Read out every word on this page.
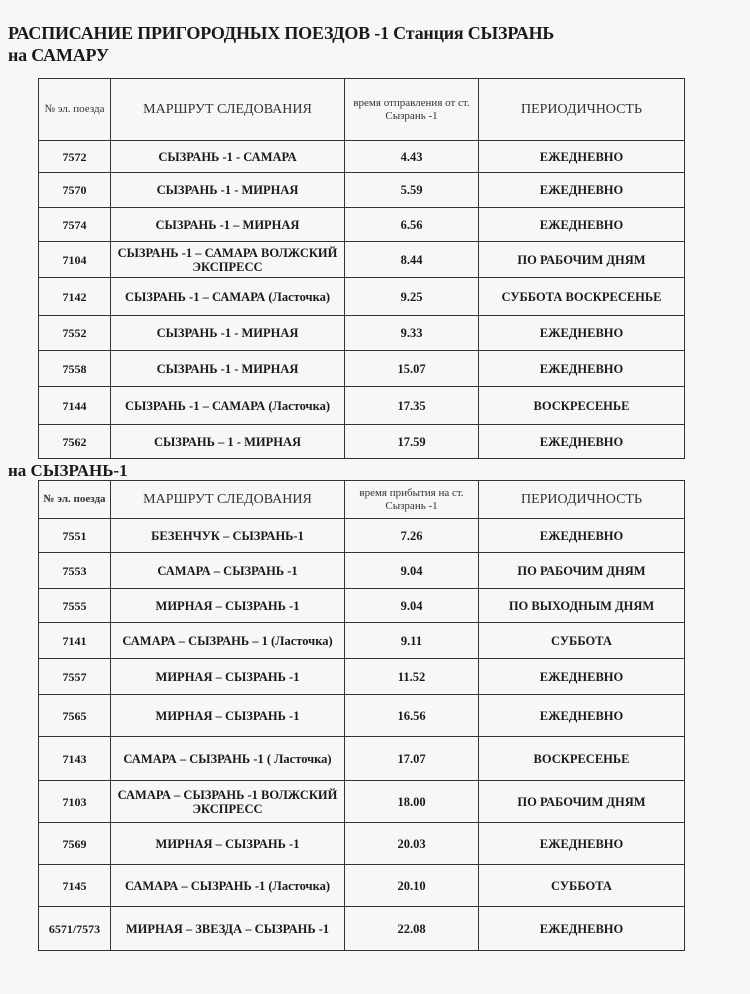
РАСПИСАНИЕ ПРИГОРОДНЫХ ПОЕЗДОВ -1 Станция СЫЗРАНЬ
на САМАРУ
№ эл. поезда	МАРШРУТ СЛЕДОВАНИЯ	время отправления от ст. Сызрань -1	ПЕРИОДИЧНОСТЬ
7572	СЫЗРАНЬ -1 - САМАРА	4.43	ЕЖЕДНЕВНО
7570	СЫЗРАНЬ -1 - МИРНАЯ	5.59	ЕЖЕДНЕВНО
7574	СЫЗРАНЬ -1 – МИРНАЯ	6.56	ЕЖЕДНЕВНО
7104	СЫЗРАНЬ -1 – САМАРА ВОЛЖСКИЙ ЭКСПРЕСС	8.44	ПО РАБОЧИМ ДНЯМ
7142	СЫЗРАНЬ -1 – САМАРА (Ласточка)	9.25	СУББОТА ВОСКРЕСЕНЬЕ
7552	СЫЗРАНЬ -1 - МИРНАЯ	9.33	ЕЖЕДНЕВНО
7558	СЫЗРАНЬ -1 - МИРНАЯ	15.07	ЕЖЕДНЕВНО
7144	СЫЗРАНЬ -1 – САМАРА (Ласточка)	17.35	ВОСКРЕСЕНЬЕ
7562	СЫЗРАНЬ – 1 - МИРНАЯ	17.59	ЕЖЕДНЕВНО
на СЫЗРАНЬ-1
№ эл. поезда	МАРШРУТ СЛЕДОВАНИЯ	время прибытия на ст. Сызрань -1	ПЕРИОДИЧНОСТЬ
7551	БЕЗЕНЧУК – СЫЗРАНЬ-1	7.26	ЕЖЕДНЕВНО
7553	САМАРА – СЫЗРАНЬ -1	9.04	ПО РАБОЧИМ ДНЯМ
7555	МИРНАЯ – СЫЗРАНЬ -1	9.04	ПО ВЫХОДНЫМ ДНЯМ
7141	САМАРА – СЫЗРАНЬ – 1 (Ласточка)	9.11	СУББОТА
7557	МИРНАЯ – СЫЗРАНЬ -1	11.52	ЕЖЕДНЕВНО
7565	МИРНАЯ – СЫЗРАНЬ -1	16.56	ЕЖЕДНЕВНО
7143	САМАРА – СЫЗРАНЬ -1 ( Ласточка)	17.07	ВОСКРЕСЕНЬЕ
7103	САМАРА – СЫЗРАНЬ -1 ВОЛЖСКИЙ ЭКСПРЕСС	18.00	ПО РАБОЧИМ ДНЯМ
7569	МИРНАЯ – СЫЗРАНЬ -1	20.03	ЕЖЕДНЕВНО
7145	САМАРА – СЫЗРАНЬ -1 (Ласточка)	20.10	СУББОТА
6571/7573	МИРНАЯ – ЗВЕЗДА – СЫЗРАНЬ -1	22.08	ЕЖЕДНЕВНО
